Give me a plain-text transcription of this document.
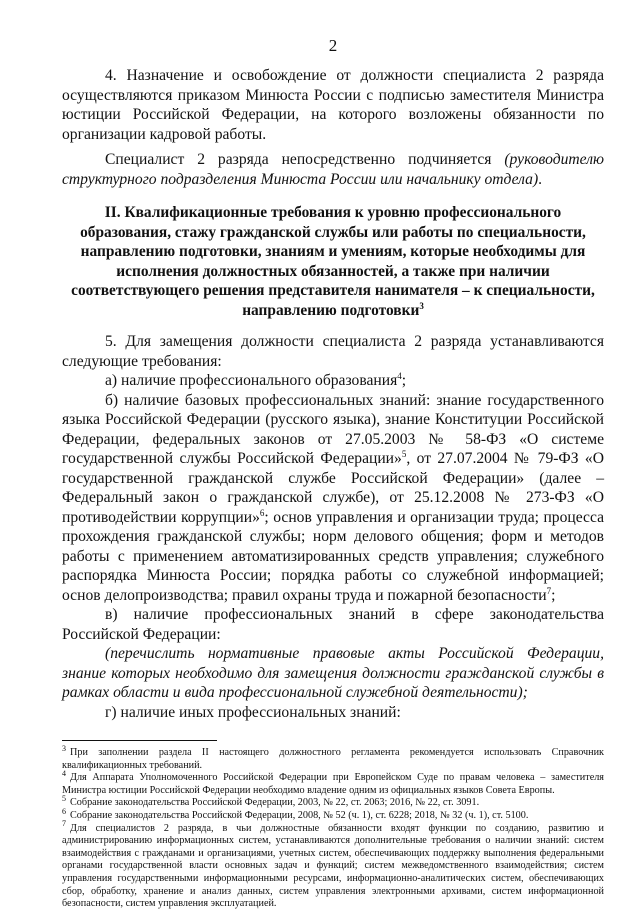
2

4. Назначение и освобождение от должности специалиста 2 разряда осуществляются приказом Минюста России с подписью заместителя Министра юстиции Российской Федерации, на которого возложены обязанности по организации кадровой работы.

Специалист 2 разряда непосредственно подчиняется (руководителю структурного подразделения Минюста России или начальнику отдела).

II. Квалификационные требования к уровню профессионального образования, стажу гражданской службы или работы по специальности, направлению подготовки, знаниям и умениям, которые необходимы для исполнения должностных обязанностей, а также при наличии соответствующего решения представителя нанимателя – к специальности, направлению подготовки$^3$

5. Для замещения должности специалиста 2 разряда устанавливаются следующие требования:

а) наличие профессионального образования$^4$;

б) наличие базовых профессиональных знаний: знание государственного языка Российской Федерации (русского языка), знание Конституции Российской Федерации, федеральных законов от 27.05.2003 № 58-ФЗ «О системе государственной службы Российской Федерации»$^5$, от 27.07.2004 № 79-ФЗ «О государственной гражданской службе Российской Федерации» (далее – Федеральный закон о гражданской службе), от 25.12.2008 № 273-ФЗ «О противодействии коррупции»$^6$; основ управления и организации труда; процесса прохождения гражданской службы; норм делового общения; форм и методов работы с применением автоматизированных средств управления; служебного распорядка Минюста России; порядка работы со служебной информацией; основ делопроизводства; правил охраны труда и пожарной безопасности$^7$;

в) наличие профессиональных знаний в сфере законодательства Российской Федерации:

(перечислить нормативные правовые акты Российской Федерации, знание которых необходимо для замещения должности гражданской службы в рамках области и вида профессиональной служебной деятельности);

г) наличие иных профессиональных знаний:

$^3$ При заполнении раздела II настоящего должностного регламента рекомендуется использовать Справочник квалификационных требований.

$^4$ Для Аппарата Уполномоченного Российской Федерации при Европейском Суде по правам человека – заместителя Министра юстиции Российской Федерации необходимо владение одним из официальных языков Совета Европы.

$^5$ Собрание законодательства Российской Федерации, 2003, № 22, ст. 2063; 2016, № 22, ст. 3091.

$^6$ Собрание законодательства Российской Федерации, 2008, № 52 (ч. 1), ст. 6228; 2018, № 32 (ч. 1), ст. 5100.

$^7$ Для специалистов 2 разряда, в чьи должностные обязанности входят функции по созданию, развитию и администрированию информационных систем, устанавливаются дополнительные требования о наличии знаний: систем взаимодействия с гражданами и организациями, учетных систем, обеспечивающих поддержку выполнения федеральными органами государственной власти основных задач и функций; систем межведомственного взаимодействия; систем управления государственными информационными ресурсами, информационно-аналитических систем, обеспечивающих сбор, обработку, хранение и анализ данных, систем управления электронными архивами, систем информационной безопасности, систем управления эксплуатацией.
